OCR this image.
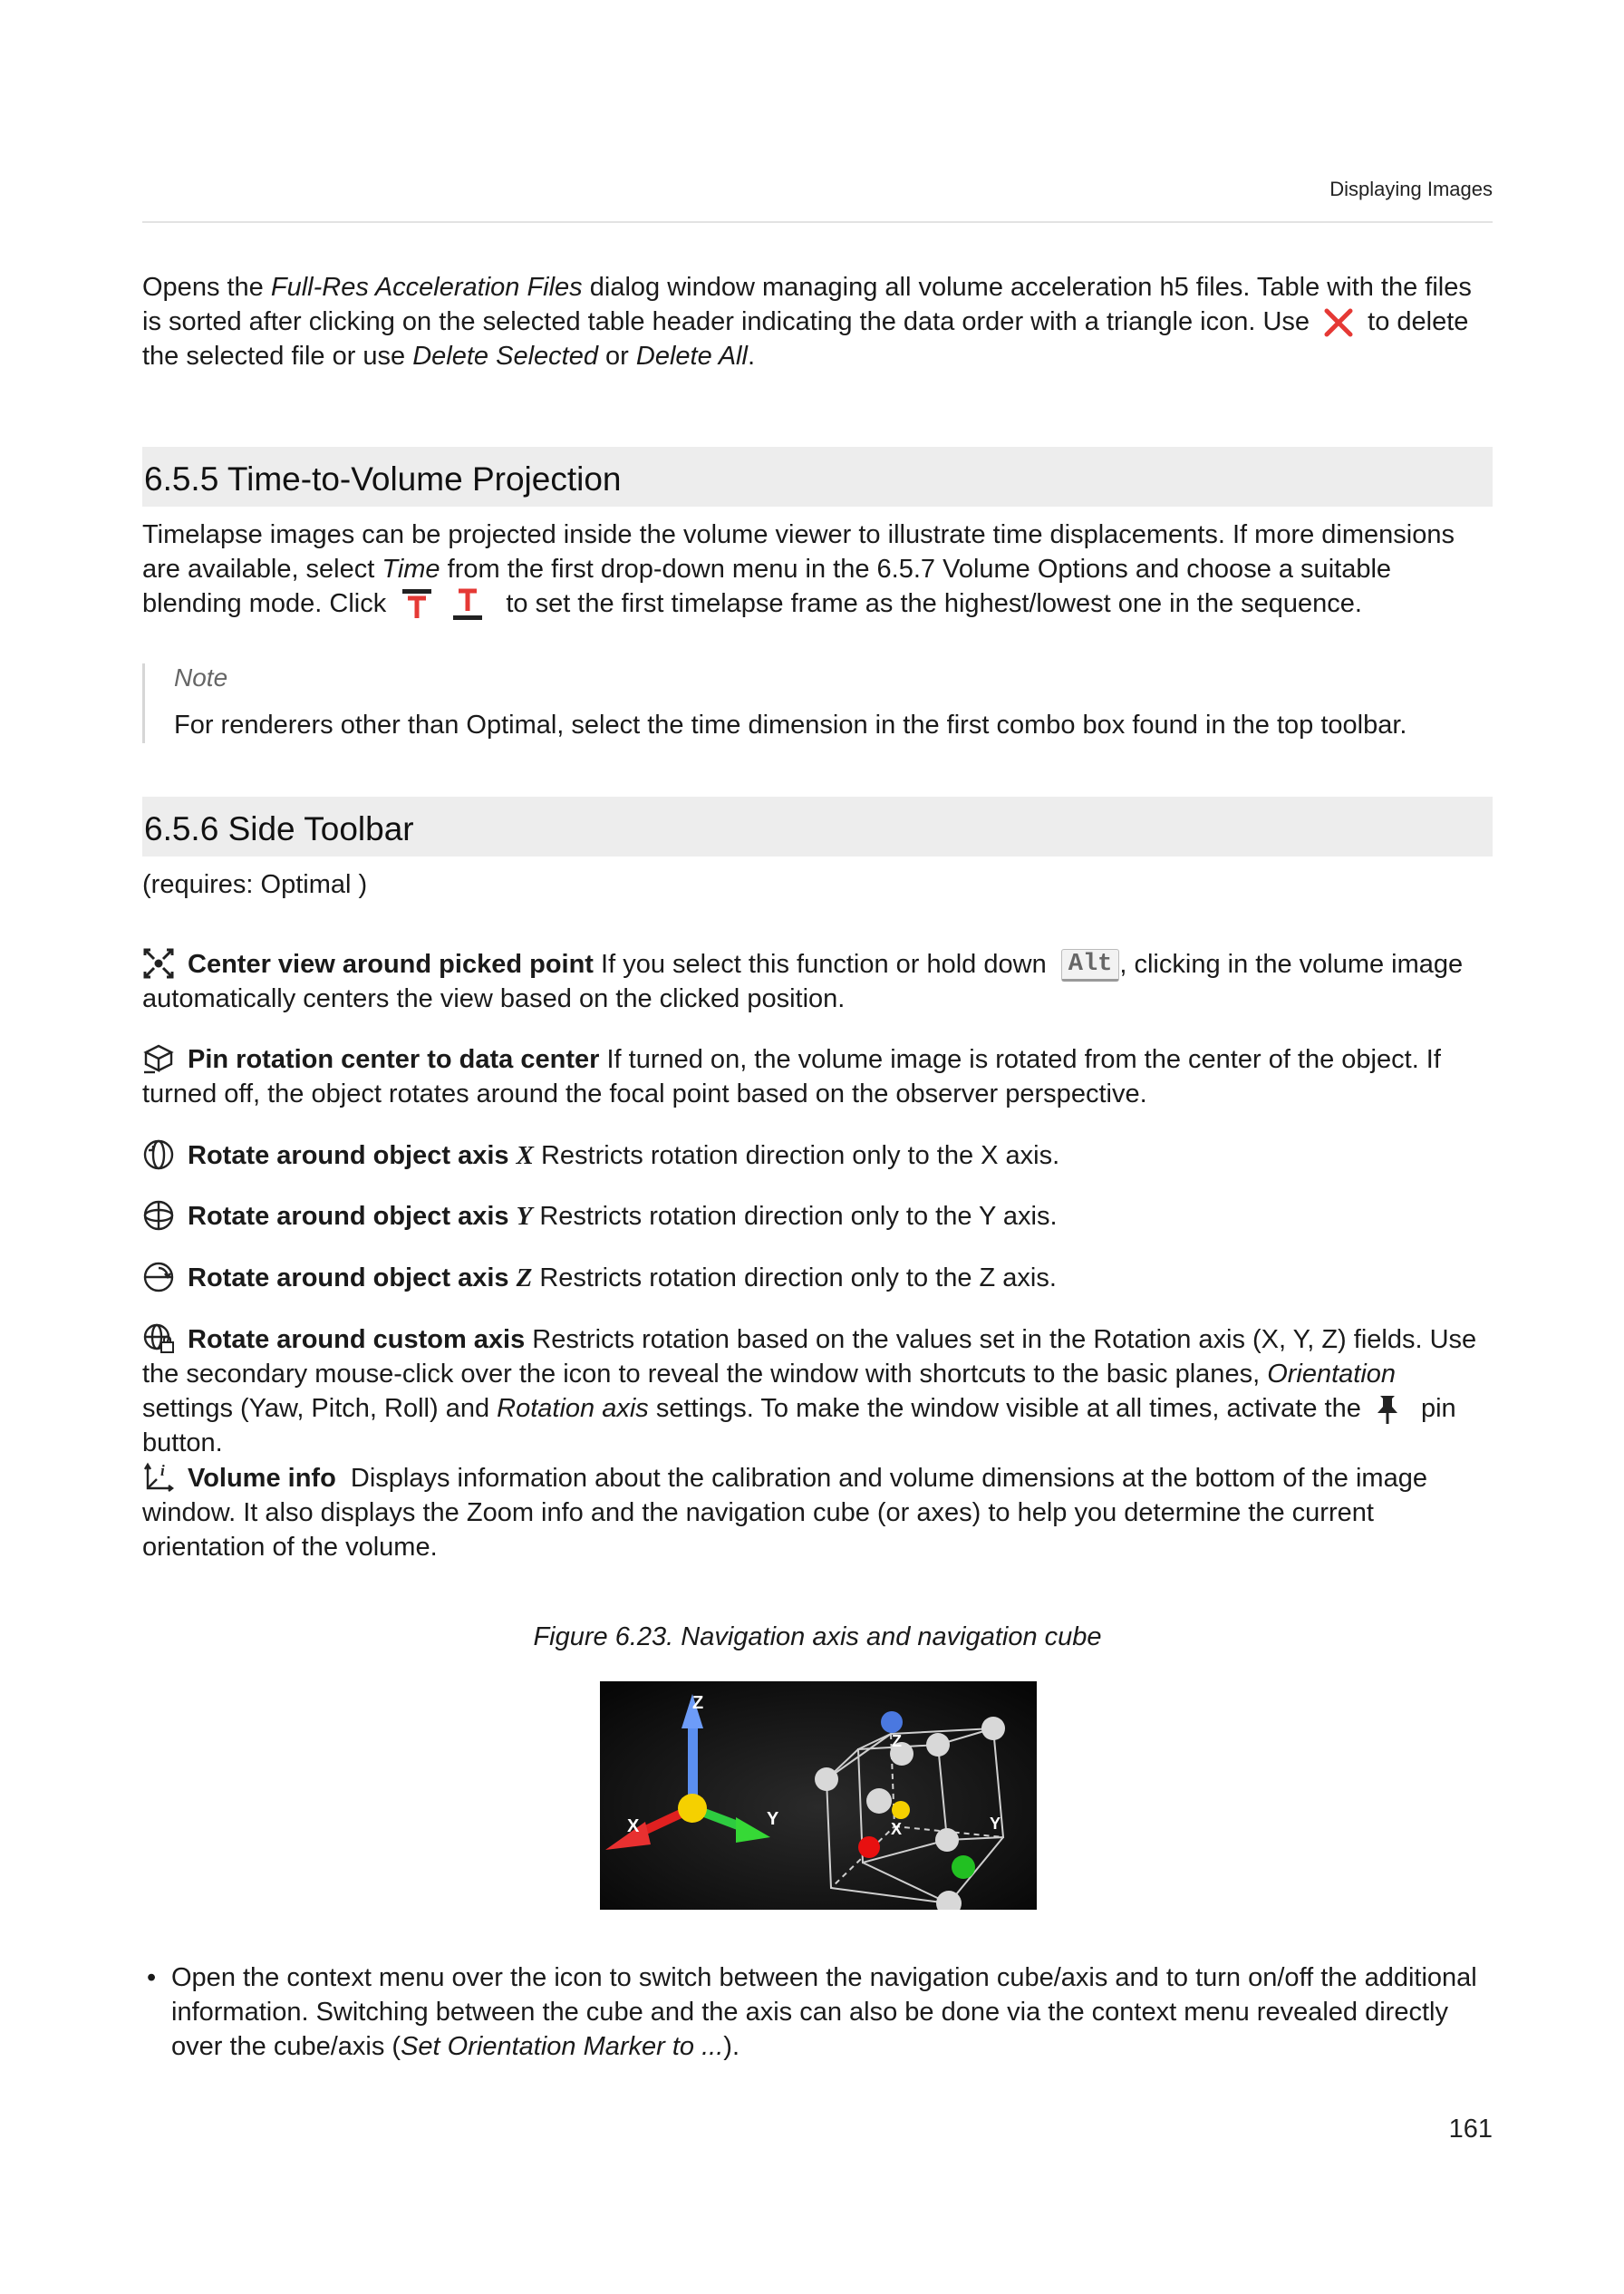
Displaying Images
Opens the Full-Res Acceleration Files dialog window managing all volume acceleration h5 files. Table with the files is sorted after clicking on the selected table header indicating the data order with a triangle icon. Use
to delete the selected file or use Delete Selected or Delete All.
6.5.5 Time-to-Volume Projection
Timelapse images can be projected inside the volume viewer to illustrate time displacements. If more dimensions are available, select Time from the first drop-down menu in the 6.5.7 Volume Options and choose a suitable blending mode. Click	to set the first timelapse frame as the highest/lowest one in the sequence.
Note
For renderers other than Optimal, select the time dimension in the first combo box found in the top toolbar.
6.5.6 Side Toolbar
(requires: Optimal )
Center view around picked point If you select this function or hold down Alt , clicking in the volume image automatically centers the view based on the clicked position.
Pin rotation center to data center If turned on, the volume image is rotated from the center of the object. If turned off, the object rotates around the focal point based on the observer perspective.
Rotate around object axis X Restricts rotation direction only to the X axis.
Rotate around object axis Y Restricts rotation direction only to the Y axis.
Rotate around object axis Z Restricts rotation direction only to the Z axis.
Rotate around custom axis Restricts rotation based on the values set in the Rotation axis (X, Y, Z) fields. Use the secondary mouse-click over the icon to reveal the window with shortcuts to the basic planes, Orientation settings (Yaw, Pitch, Roll) and Rotation axis settings. To make the window visible at all times, activate the
pin button.
i Volume info  Displays information about the calibration and volume dimensions at the bottom of the image window. It also displays the Zoom info and the navigation cube (or axes) to help you determine the current orientation of the volume.
Figure 6.23. Navigation axis and navigation cube
Z
X	Y
Z
X	Y
• Open the context menu over the icon to switch between the navigation cube/axis and to turn on/off the additional information. Switching between the cube and the axis can also be done via the context menu revealed directly over the cube/axis (Set Orientation Marker to ...).
161
